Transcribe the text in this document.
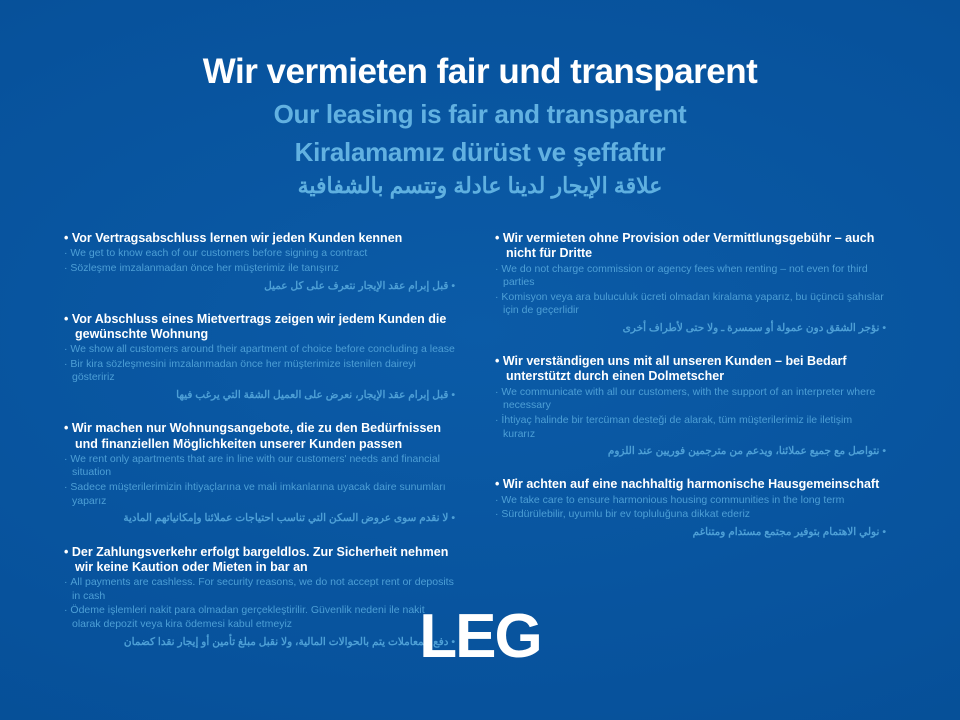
Wir vermieten fair und transparent
Our leasing is fair and transparent
Kiralamamız dürüst ve şeffaftır
علاقة الإيجار لدينا عادلة وتتسم بالشفافية

• Vor Vertragsabschluss lernen wir jeden Kunden kennen

· We get to know each of our customers before signing a contract

· Sözleşme imzalanmadan önce her müşterimiz ile tanışırız

• قبل إبرام عقد الإيجار نتعرف على كل عميل

• Vor Abschluss eines Mietvertrags zeigen wir jedem Kunden die gewünschte Wohnung

· We show all customers around their apartment of choice before concluding a lease

· Bir kira sözleşmesini imzalanmadan önce her müşterimize istenilen daireyi gösteririz

• قبل إبرام عقد الإيجار، نعرض على العميل الشقة التي يرغب فيها

• Wir machen nur Wohnungsangebote, die zu den Bedürfnissen und finanziellen Möglichkeiten unserer Kunden passen

· We rent only apartments that are in line with our customers' needs and financial situation

· Sadece müşterilerimizin ihtiyaçlarına ve mali imkanlarına uyacak daire sunumları yaparız

• لا نقدم سوى عروض السكن التي تناسب احتياجات عملائنا وإمكانياتهم المادية

• Der Zahlungsverkehr erfolgt bargeldlos. Zur Sicherheit nehmen wir keine Kaution oder Mieten in bar an

· All payments are cashless. For security reasons, we do not accept rent or deposits in cash

· Ödeme işlemleri nakit para olmadan gerçekleştirilir. Güvenlik nedeni ile nakit olarak depozit veya kira ödemesi kabul etmeyiz

• دفع المعاملات يتم بالحوالات المالية، ولا نقبل مبلغ تأمين أو إيجار نقدا كضمان

• Wir vermieten ohne Provision oder Vermittlungsgebühr – auch nicht für Dritte

· We do not charge commission or agency fees when renting – not even for third parties

· Komisyon veya ara buluculuk ücreti olmadan kiralama yaparız, bu üçüncü şahıslar için de geçerlidir

• نؤجر الشقق دون عمولة أو سمسرة ـ ولا حتى لأطراف أخرى

• Wir verständigen uns mit all unseren Kunden – bei Bedarf unterstützt durch einen Dolmetscher

· We communicate with all our customers, with the support of an interpreter where necessary

· İhtiyaç halinde bir tercüman desteği de alarak, tüm müşterilerimiz ile iletişim kurarız

• نتواصل مع جميع عملائنا، ويدعم من مترجمين فوريين عند اللزوم

• Wir achten auf eine nachhaltig harmonische Hausgemeinschaft

· We take care to ensure harmonious housing communities in the long term

· Sürdürülebilir, uyumlu bir ev topluluğuna dikkat ederiz

• نولي الاهتمام بتوفير مجتمع مستدام ومتناغم

LEG
